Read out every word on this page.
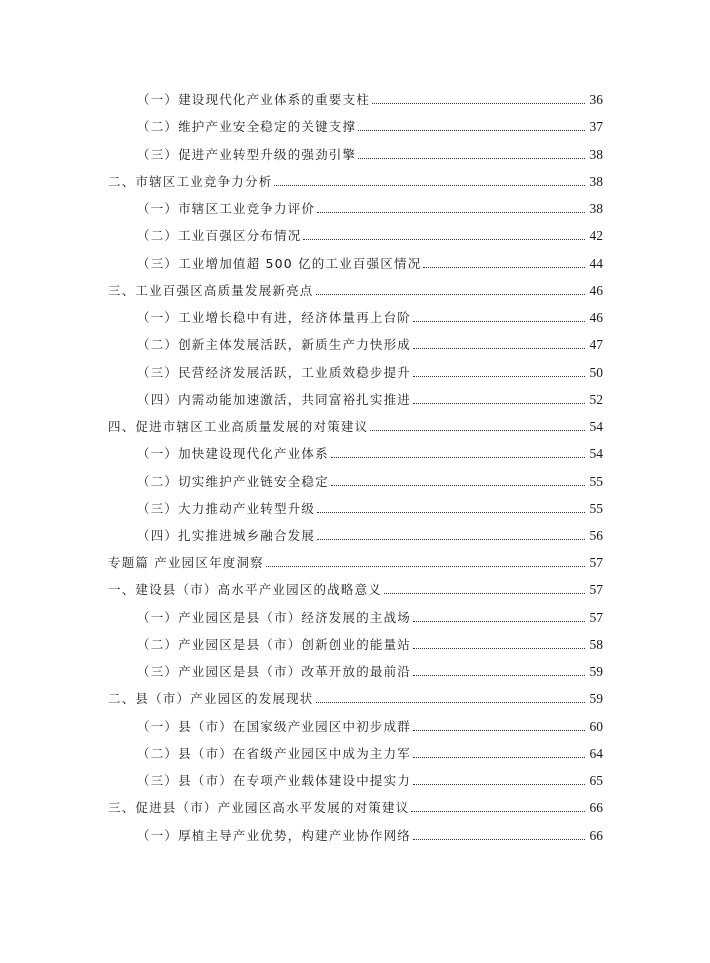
（一）建设现代化产业体系的重要支柱	36
（二）维护产业安全稳定的关键支撑	37
（三）促进产业转型升级的强劲引擎	38
二、市辖区工业竞争力分析	38
（一）市辖区工业竞争力评价	38
（二）工业百强区分布情况	42
（三）工业增加值超 500 亿的工业百强区情况	44
三、工业百强区高质量发展新亮点	46
（一）工业增长稳中有进，经济体量再上台阶	46
（二）创新主体发展活跃，新质生产力快形成	47
（三）民营经济发展活跃，工业质效稳步提升	50
（四）内需动能加速激活，共同富裕扎实推进	52
四、促进市辖区工业高质量发展的对策建议	54
（一）加快建设现代化产业体系	54
（二）切实维护产业链安全稳定	55
（三）大力推动产业转型升级	55
（四）扎实推进城乡融合发展	56
专题篇 产业园区年度洞察	57
一、建设县（市）高水平产业园区的战略意义	57
（一）产业园区是县（市）经济发展的主战场	57
（二）产业园区是县（市）创新创业的能量站	58
（三）产业园区是县（市）改革开放的最前沿	59
二、县（市）产业园区的发展现状	59
（一）县（市）在国家级产业园区中初步成群	60
（二）县（市）在省级产业园区中成为主力军	64
（三）县（市）在专项产业载体建设中提实力	65
三、促进县（市）产业园区高水平发展的对策建议	66
（一）厚植主导产业优势，构建产业协作网络	66
